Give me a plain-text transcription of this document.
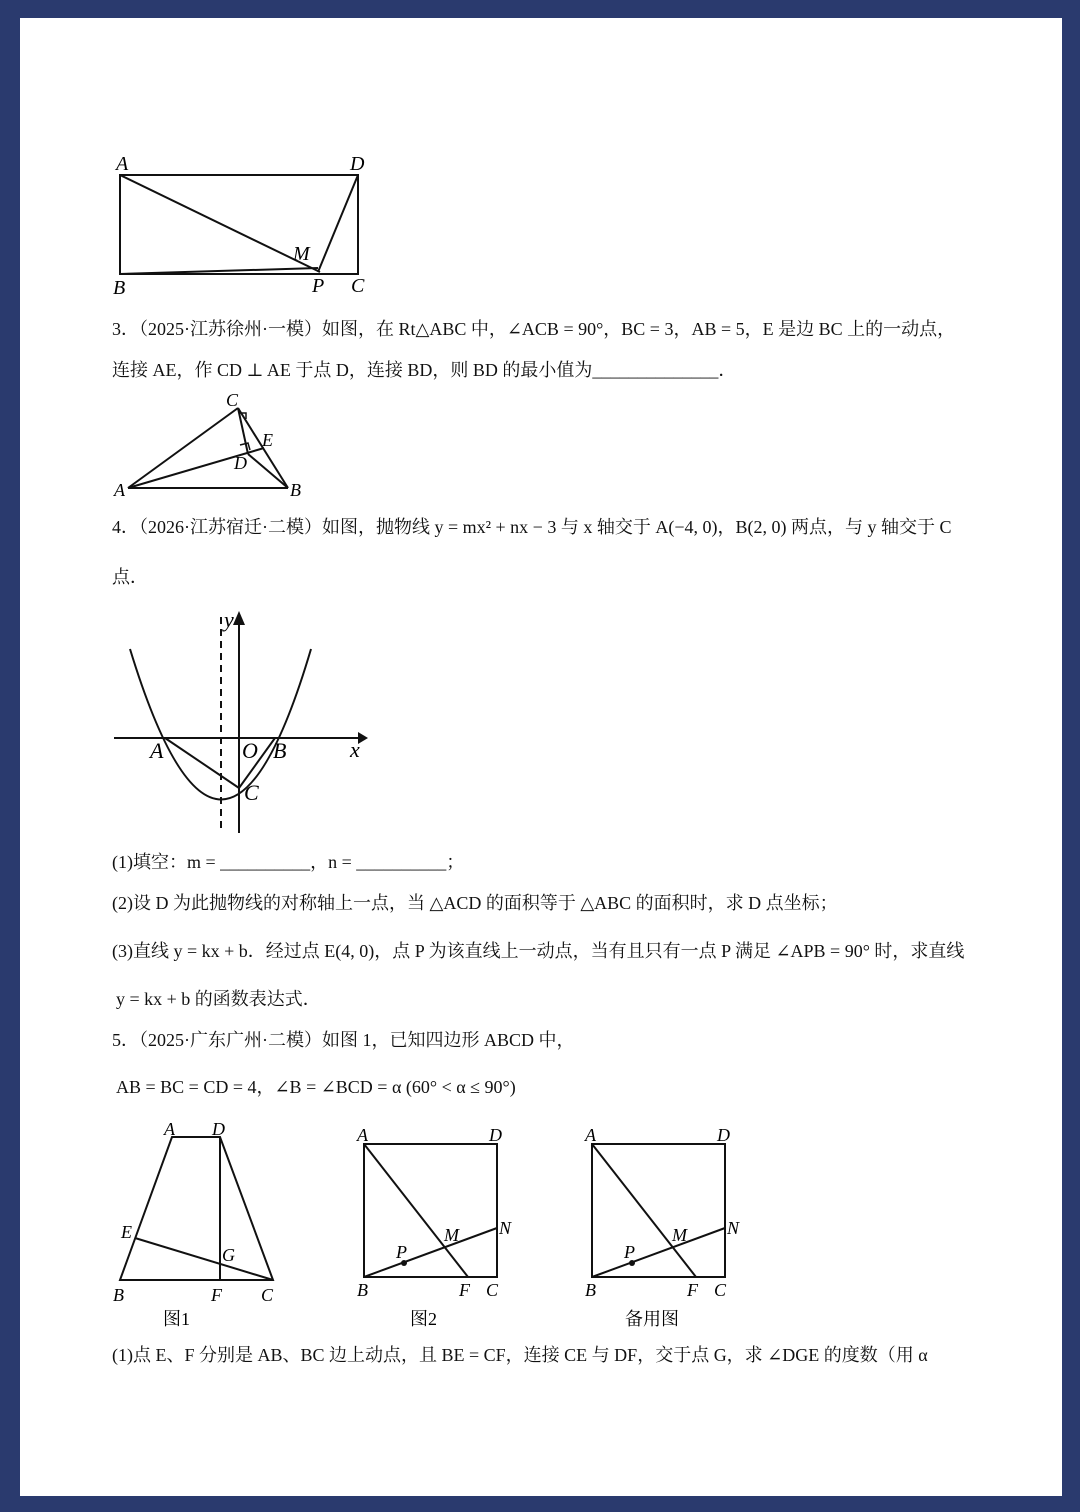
A	D
M
B	P C
3．（2025·江苏徐州·一模）如图，在 Rt△ABC 中，∠ACB = 90°，BC = 3，AB = 5，E 是边 BC 上的一动点，
连接 AE，作 CD ⊥ AE 于点 D，连接 BD，则 BD 的最小值为______________．
C
E
D
A	B
4．（2026·江苏宿迁·二模）如图，抛物线 y = mx² + nx − 3 与 x 轴交于 A(−4, 0)，B(2, 0) 两点，与 y 轴交于 C
点．
y
x
A	O B
C
(1)填空：m = __________，n = __________；
(2)设 D 为此抛物线的对称轴上一点，当 △ACD 的面积等于 △ABC 的面积时，求 D 点坐标；
(3)直线 y = kx + b．经过点 E(4, 0)，点 P 为该直线上一动点，当有且只有一点 P 满足 ∠APB = 90° 时，求直线
y = kx + b 的函数表达式．
5．（2025·广东广州·二模）如图 1，已知四边形 ABCD 中，
AB = BC = CD = 4，∠B = ∠BCD = α (60° < α ≤ 90°)
A D
E
G
B	F C
图1
A	D
N
M
P
B	F C
图2
A	D
N
M
P
B	F C
备用图
(1)点 E、F 分别是 AB、BC 边上动点，且 BE = CF，连接 CE 与 DF，交于点 G，求 ∠DGE 的度数（用 α
